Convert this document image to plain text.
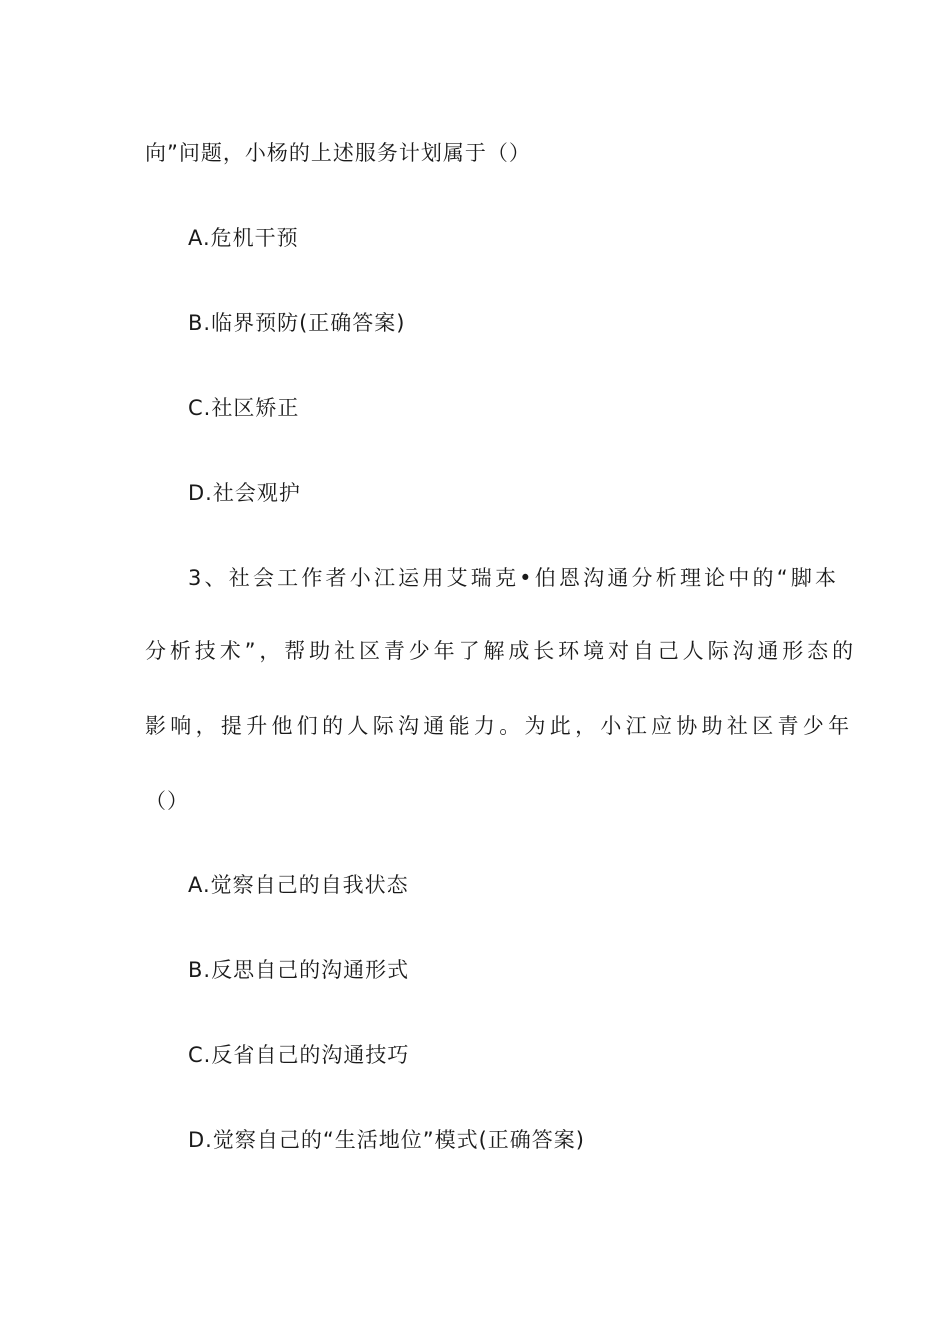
向”问题，小杨的上述服务计划属于（）
A.危机干预
B.临界预防(正确答案)
C.社区矫正
D.社会观护
3、社会工作者小江运用艾瑞克•伯恩沟通分析理论中的“脚本
分析技术”，帮助社区青少年了解成长环境对自己人际沟通形态的
影响，提升他们的人际沟通能力。为此，小江应协助社区青少年
（）
A.觉察自己的自我状态
B.反思自己的沟通形式
C.反省自己的沟通技巧
D.觉察自己的“生活地位”模式(正确答案)
